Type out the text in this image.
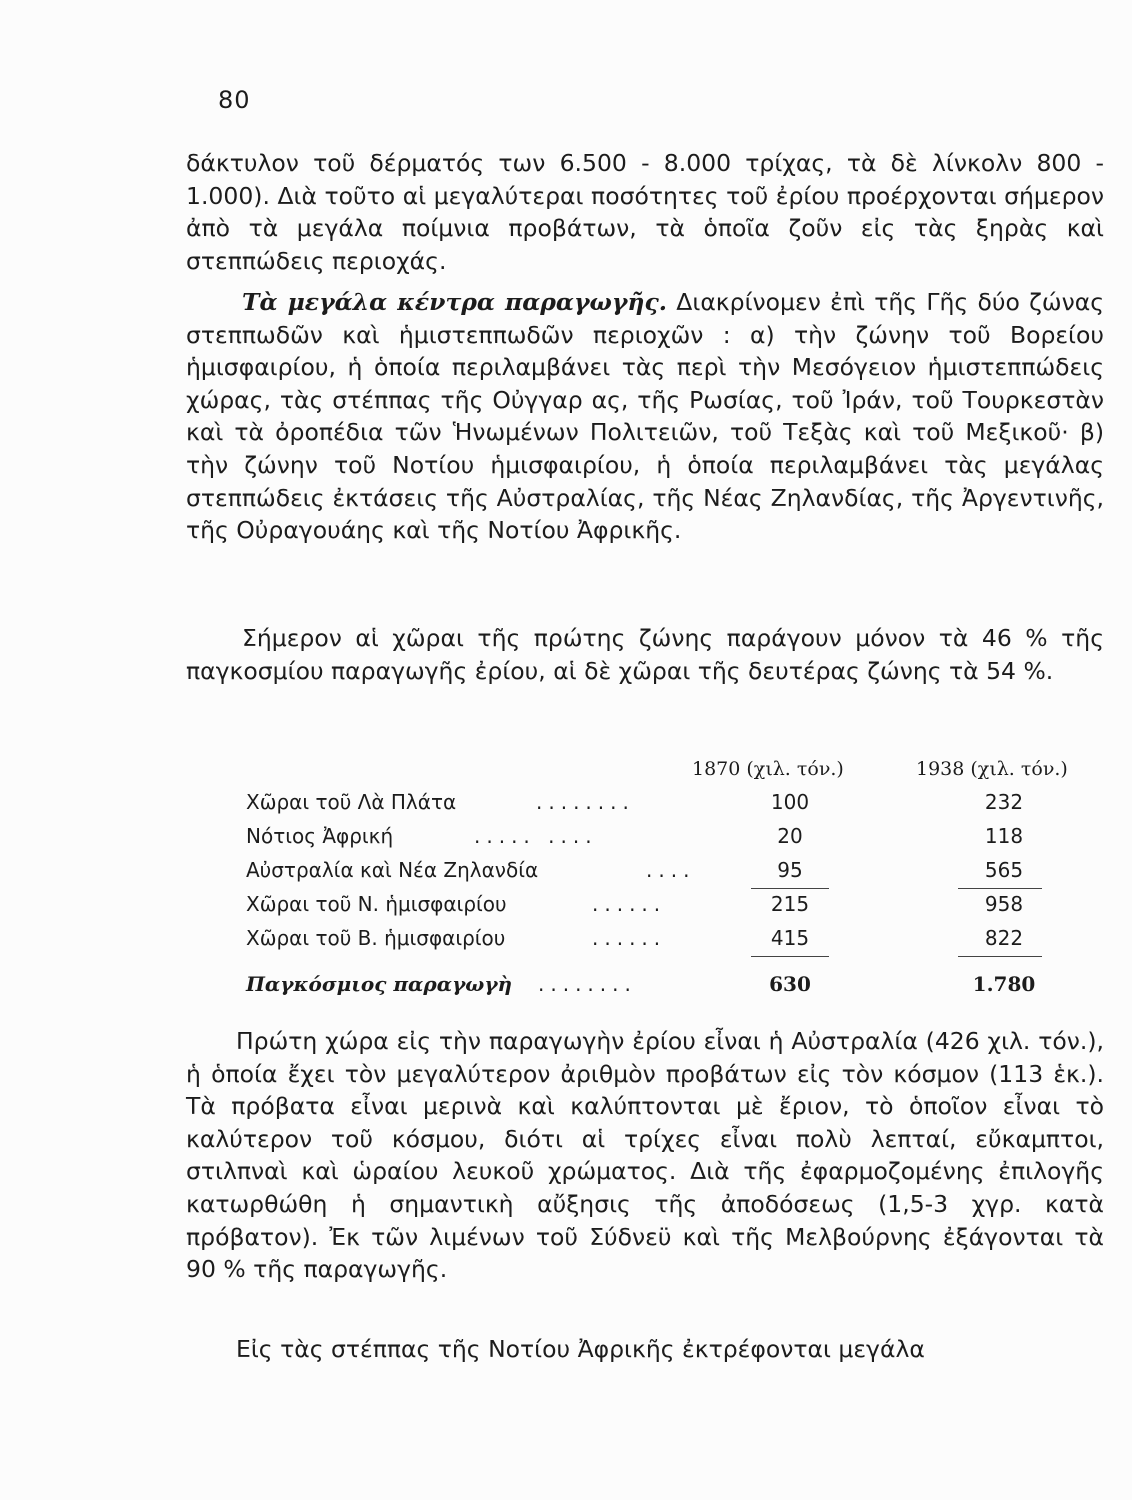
80

δάκτυλον τοῦ δέρματός των 6.500 - 8.000 τρίχας, τὰ δὲ λίνκολν 800 - 1.000). Διὰ τοῦτο αἱ μεγαλύτεραι ποσότητες τοῦ ἐρίου προέρχονται σήμερον ἀπὸ τὰ μεγάλα ποίμνια προβάτων, τὰ ὁποῖα ζοῦν εἰς τὰς ξηρὰς καὶ στεππώδεις περιοχάς.

Τὰ μεγάλα κέντρα παραγωγῆς. Διακρίνομεν ἐπὶ τῆς Γῆς δύο ζώνας στεππωδῶν καὶ ἡμιστεππωδῶν περιοχῶν : α) τὴν ζώνην τοῦ Βορείου ἡμισφαιρίου, ἡ ὁποία περιλαμβάνει τὰς περὶ τὴν Μεσόγειον ἡμιστεππώδεις χώρας, τὰς στέππας τῆς Οὐγγαρ ας, τῆς Ρωσίας, τοῦ Ἰράν, τοῦ Τουρκεστὰν καὶ τὰ ὀροπέδια τῶν Ἡνωμένων Πολιτειῶν, τοῦ Τεξὰς καὶ τοῦ Μεξικοῦ· β) τὴν ζώνην τοῦ Νοτίου ἡμισφαιρίου, ἡ ὁποία περιλαμβάνει τὰς μεγάλας στεππώδεις ἐκτάσεις τῆς Αὐστραλίας, τῆς Νέας Ζηλανδίας, τῆς Ἀργεντινῆς, τῆς Οὐραγουάης καὶ τῆς Νοτίου Ἀφρικῆς.

Σήμερον αἱ χῶραι τῆς πρώτης ζώνης παράγουν μόνον τὰ 46 % τῆς παγκοσμίου παραγωγῆς ἐρίου, αἱ δὲ χῶραι τῆς δευτέρας ζώνης τὰ 54 %.

1870 (χιλ. τόν.)	1938 (χιλ. τόν.)
Χῶραι τοῦ Λὰ Πλάτα	........	100	232
Νότιος Ἀφρική	..... ....	20	118
Αὐστραλία καὶ Νέα Ζηλανδία	....	95	565
Χῶραι τοῦ Ν. ἡμισφαιρίου	......	215	958
Χῶραι τοῦ Β. ἡμισφαιρίου	......	415	822
Παγκόσμιος παραγωγὴ ........	630	1.780

Πρώτη χώρα εἰς τὴν παραγωγὴν ἐρίου εἶναι ἡ Αὐστραλία (426 χιλ. τόν.), ἡ ὁποία ἔχει τὸν μεγαλύτερον ἀριθμὸν προβάτων εἰς τὸν κόσμον (113 ἑκ.). Τὰ πρόβατα εἶναι μερινὰ καὶ καλύπτονται μὲ ἔριον, τὸ ὁποῖον εἶναι τὸ καλύτερον τοῦ κόσμου, διότι αἱ τρίχες εἶναι πολὺ λεπταί, εὔκαμπτοι, στιλπναὶ καὶ ὡραίου λευκοῦ χρώματος. Διὰ τῆς ἐφαρμοζομένης ἐπιλογῆς κατωρθώθη ἡ σημαντικὴ αὔξησις τῆς ἀποδόσεως (1,5-3 χγρ. κατὰ πρόβατον). Ἐκ τῶν λιμένων τοῦ Σύδνεϋ καὶ τῆς Μελβούρνης ἐξάγονται τὰ 90 % τῆς παραγωγῆς.

Εἰς τὰς στέππας τῆς Νοτίου Ἀφρικῆς ἐκτρέφονται μεγάλα
